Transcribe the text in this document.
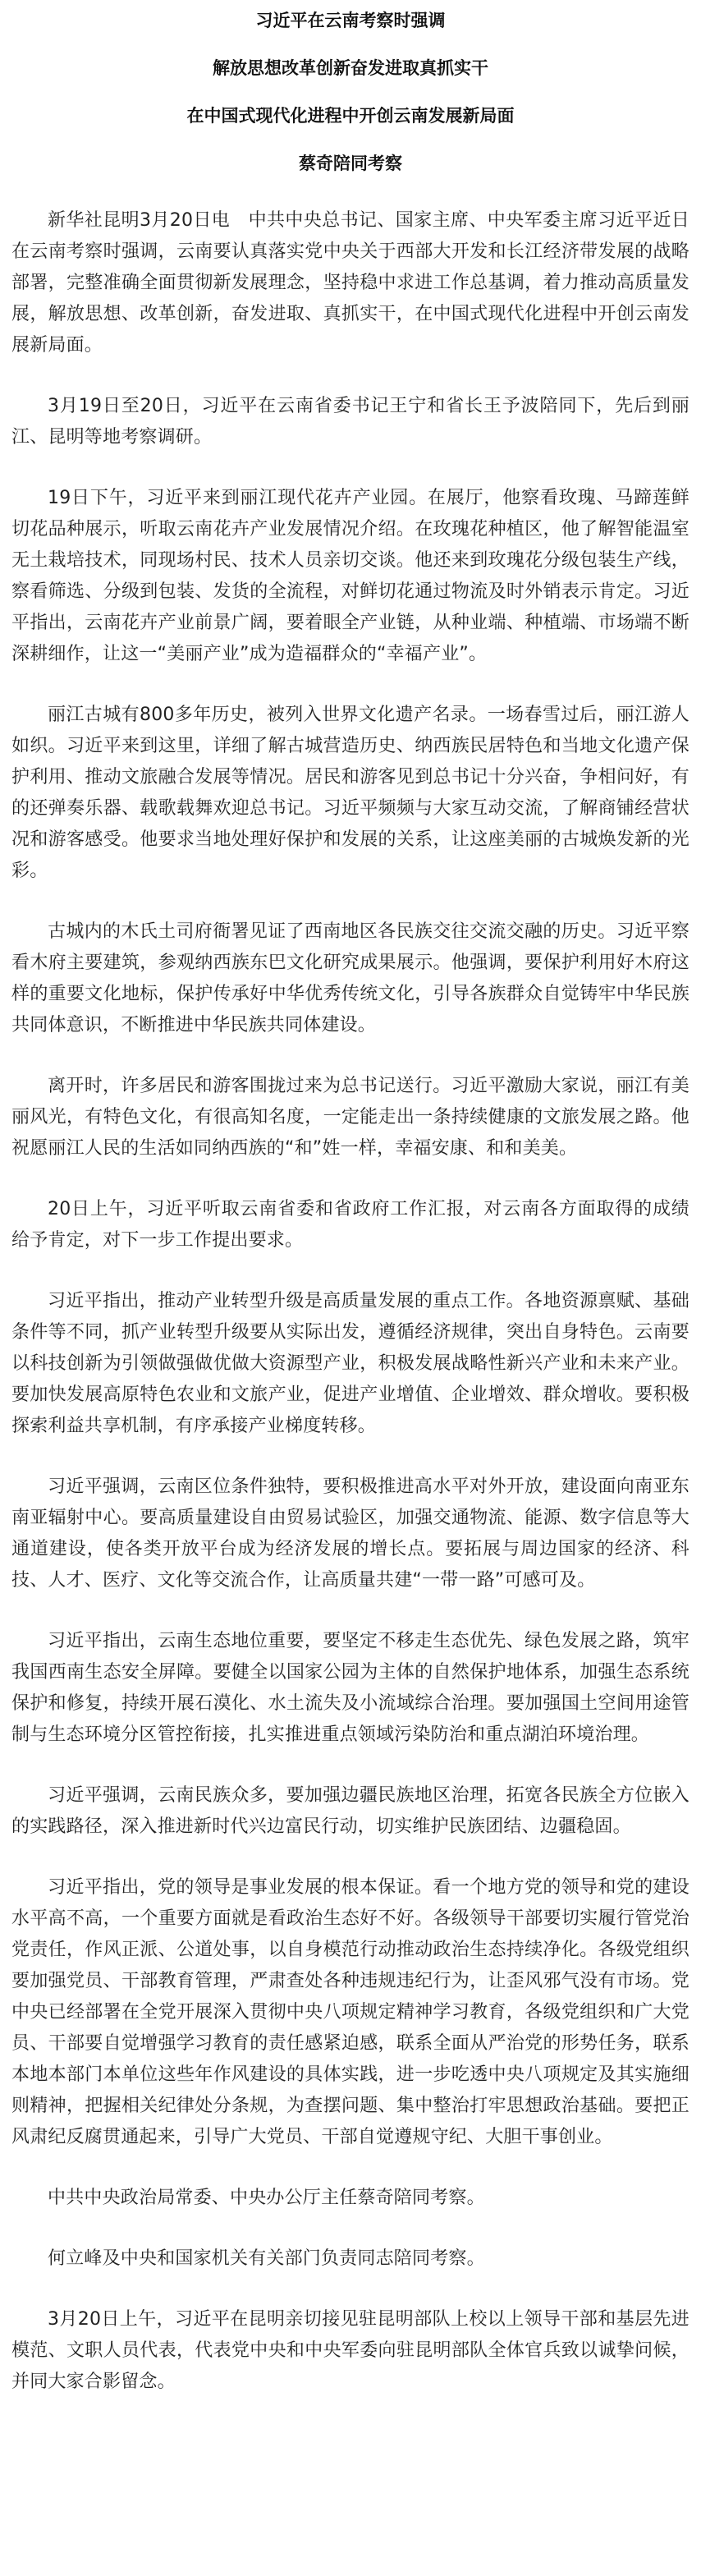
习近平在云南考察时强调
解放思想改革创新奋发进取真抓实干
在中国式现代化进程中开创云南发展新局面
蔡奇陪同考察

新华社昆明3月20日电　中共中央总书记、国家主席、中央军委主席习近平近日在云南考察时强调，云南要认真落实党中央关于西部大开发和长江经济带发展的战略部署，完整准确全面贯彻新发展理念，坚持稳中求进工作总基调，着力推动高质量发展，解放思想、改革创新，奋发进取、真抓实干，在中国式现代化进程中开创云南发展新局面。

3月19日至20日，习近平在云南省委书记王宁和省长王予波陪同下，先后到丽江、昆明等地考察调研。

19日下午，习近平来到丽江现代花卉产业园。在展厅，他察看玫瑰、马蹄莲鲜切花品种展示，听取云南花卉产业发展情况介绍。在玫瑰花种植区，他了解智能温室无土栽培技术，同现场村民、技术人员亲切交谈。他还来到玫瑰花分级包装生产线，察看筛选、分级到包装、发货的全流程，对鲜切花通过物流及时外销表示肯定。习近平指出，云南花卉产业前景广阔，要着眼全产业链，从种业端、种植端、市场端不断深耕细作，让这一“美丽产业”成为造福群众的“幸福产业”。

丽江古城有800多年历史，被列入世界文化遗产名录。一场春雪过后，丽江游人如织。习近平来到这里，详细了解古城营造历史、纳西族民居特色和当地文化遗产保护利用、推动文旅融合发展等情况。居民和游客见到总书记十分兴奋，争相问好，有的还弹奏乐器、载歌载舞欢迎总书记。习近平频频与大家互动交流，了解商铺经营状况和游客感受。他要求当地处理好保护和发展的关系，让这座美丽的古城焕发新的光彩。

古城内的木氏土司府衙署见证了西南地区各民族交往交流交融的历史。习近平察看木府主要建筑，参观纳西族东巴文化研究成果展示。他强调，要保护利用好木府这样的重要文化地标，保护传承好中华优秀传统文化，引导各族群众自觉铸牢中华民族共同体意识，不断推进中华民族共同体建设。

离开时，许多居民和游客围拢过来为总书记送行。习近平激励大家说，丽江有美丽风光，有特色文化，有很高知名度，一定能走出一条持续健康的文旅发展之路。他祝愿丽江人民的生活如同纳西族的“和”姓一样，幸福安康、和和美美。

20日上午，习近平听取云南省委和省政府工作汇报，对云南各方面取得的成绩给予肯定，对下一步工作提出要求。

习近平指出，推动产业转型升级是高质量发展的重点工作。各地资源禀赋、基础条件等不同，抓产业转型升级要从实际出发，遵循经济规律，突出自身特色。云南要以科技创新为引领做强做优做大资源型产业，积极发展战略性新兴产业和未来产业。要加快发展高原特色农业和文旅产业，促进产业增值、企业增效、群众增收。要积极探索利益共享机制，有序承接产业梯度转移。

习近平强调，云南区位条件独特，要积极推进高水平对外开放，建设面向南亚东南亚辐射中心。要高质量建设自由贸易试验区，加强交通物流、能源、数字信息等大通道建设，使各类开放平台成为经济发展的增长点。要拓展与周边国家的经济、科技、人才、医疗、文化等交流合作，让高质量共建“一带一路”可感可及。

习近平指出，云南生态地位重要，要坚定不移走生态优先、绿色发展之路，筑牢我国西南生态安全屏障。要健全以国家公园为主体的自然保护地体系，加强生态系统保护和修复，持续开展石漠化、水土流失及小流域综合治理。要加强国土空间用途管制与生态环境分区管控衔接，扎实推进重点领域污染防治和重点湖泊环境治理。

习近平强调，云南民族众多，要加强边疆民族地区治理，拓宽各民族全方位嵌入的实践路径，深入推进新时代兴边富民行动，切实维护民族团结、边疆稳固。

习近平指出，党的领导是事业发展的根本保证。看一个地方党的领导和党的建设水平高不高，一个重要方面就是看政治生态好不好。各级领导干部要切实履行管党治党责任，作风正派、公道处事，以自身模范行动推动政治生态持续净化。各级党组织要加强党员、干部教育管理，严肃查处各种违规违纪行为，让歪风邪气没有市场。党中央已经部署在全党开展深入贯彻中央八项规定精神学习教育，各级党组织和广大党员、干部要自觉增强学习教育的责任感紧迫感，联系全面从严治党的形势任务，联系本地本部门本单位这些年作风建设的具体实践，进一步吃透中央八项规定及其实施细则精神，把握相关纪律处分条规，为查摆问题、集中整治打牢思想政治基础。要把正风肃纪反腐贯通起来，引导广大党员、干部自觉遵规守纪、大胆干事创业。

中共中央政治局常委、中央办公厅主任蔡奇陪同考察。

何立峰及中央和国家机关有关部门负责同志陪同考察。

3月20日上午，习近平在昆明亲切接见驻昆明部队上校以上领导干部和基层先进模范、文职人员代表，代表党中央和中央军委向驻昆明部队全体官兵致以诚挚问候，并同大家合影留念。
